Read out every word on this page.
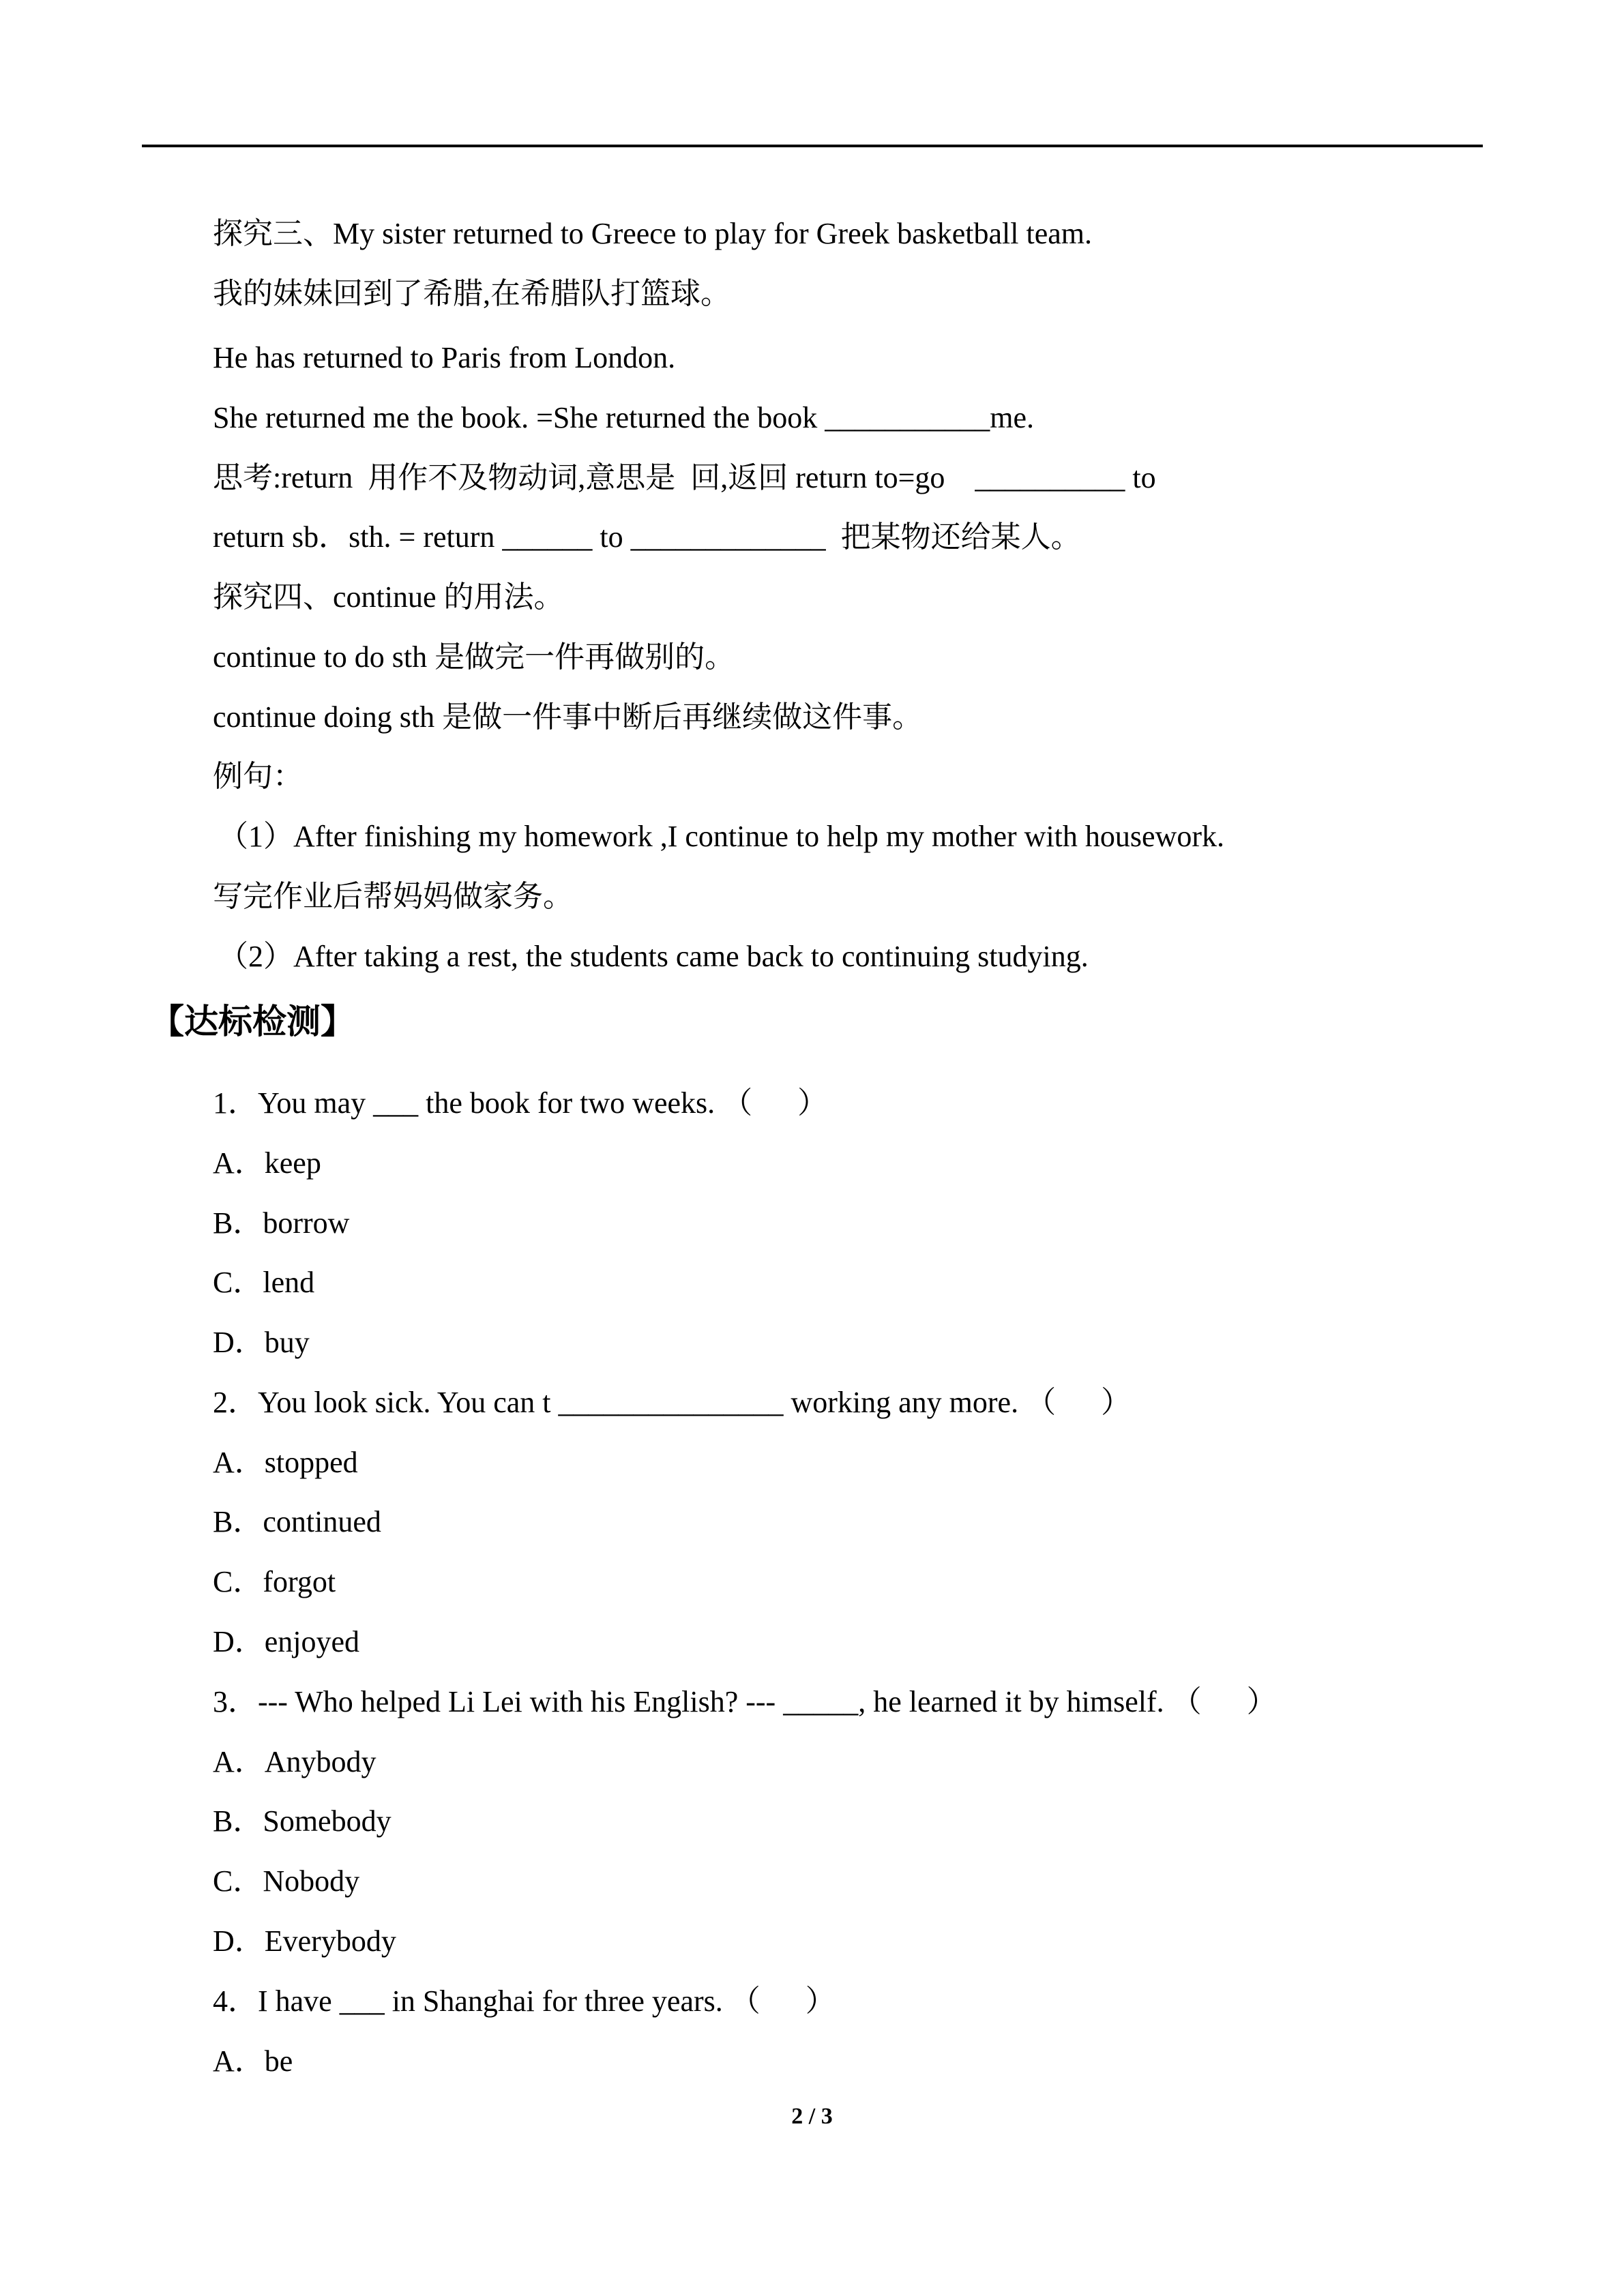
探究三、My sister returned to Greece to play for Greek basketball team.
我的妹妹回到了希腊,在希腊队打篮球。
He has returned to Paris from London.
She returned me the book. =She returned the book ___________me.
思考:return  用作不及物动词,意思是  回,返回 return to=go    __________ to
return sb．sth. = return ______ to _____________  把某物还给某人。
探究四、continue 的用法。
continue to do sth 是做完一件再做别的。
continue doing sth 是做一件事中断后再继续做这件事。
例句：
（1）After finishing my homework ,I continue to help my mother with housework.
写完作业后帮妈妈做家务。
（2）After taking a rest, the students came back to continuing studying.
【达标检测】
1．You may ___ the book for two weeks. （      ）
A．keep
B．borrow
C．lend
D．buy
2．You look sick. You can t _______________ working any more. （      ）
A．stopped
B．continued
C．forgot
D．enjoyed
3．--- Who helped Li Lei with his English? --- _____, he learned it by himself. （      ）
A．Anybody
B．Somebody
C．Nobody
D．Everybody
4．I have ___ in Shanghai for three years. （      ）
A．be
2 / 3
